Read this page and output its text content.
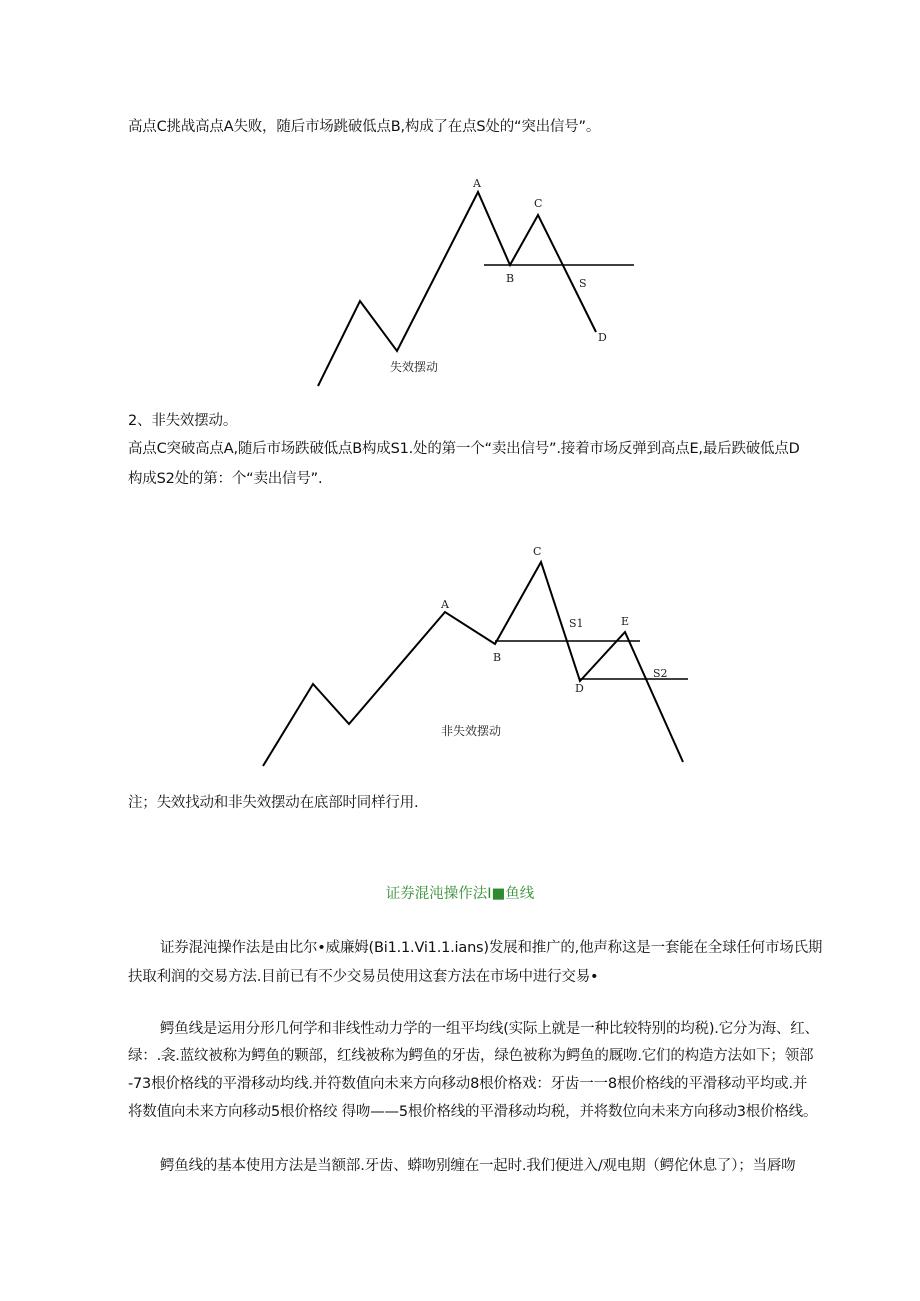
高点C挑战高点A失败，随后市场跳破低点B,构成了在点S处的“突出信号”。
A
B
C
S
D
失效摆动
2、非失效摆动。
高点C突破高点A,随后市场跌破低点B构成S1.处的第一个“卖出信号”.接着市场反弹到高点E,最后跌破低点D
构成S2处的第：个“卖出信号”.
A
B
C
S1	E
D
S2
非失效摆动
注；失效找动和非失效摆动在底部时同样行用.
证券混沌操作法I■鱼线
证券混沌操作法是由比尔•威廉姆(Bi1.1.Vi1.1.ians)发展和推广的,他声称这是一套能在全球任何市场氏期
扶取利润的交易方法.目前已有不少交易员使用这套方法在市场中进行交易•
鳄鱼线是运用分形几何学和非线性动力学的一组平均线(实际上就是一种比较特别的均税).它分为海、红、
绿：.衾.蓝纹被称为鳄鱼的颗部，红线被称为鳄鱼的牙齿，绿色被称为鳄鱼的厩吻.它们的构造方法如下；领部
-73根价格线的平滑移动均线.并符数值向未来方向移动8根价格戏：牙齿一一8根价格线的平滑移动平均或.并
将数值向未来方向移动5根价格绞 得吻——5根价格线的平滑移动均税，并将数位向未来方向移动3根价格线。
鳄鱼线的基本使用方法是当额部.牙齿、蟒吻别缠在一起时.我们便进入/观电期（鳄佗休息了）；当唇吻
